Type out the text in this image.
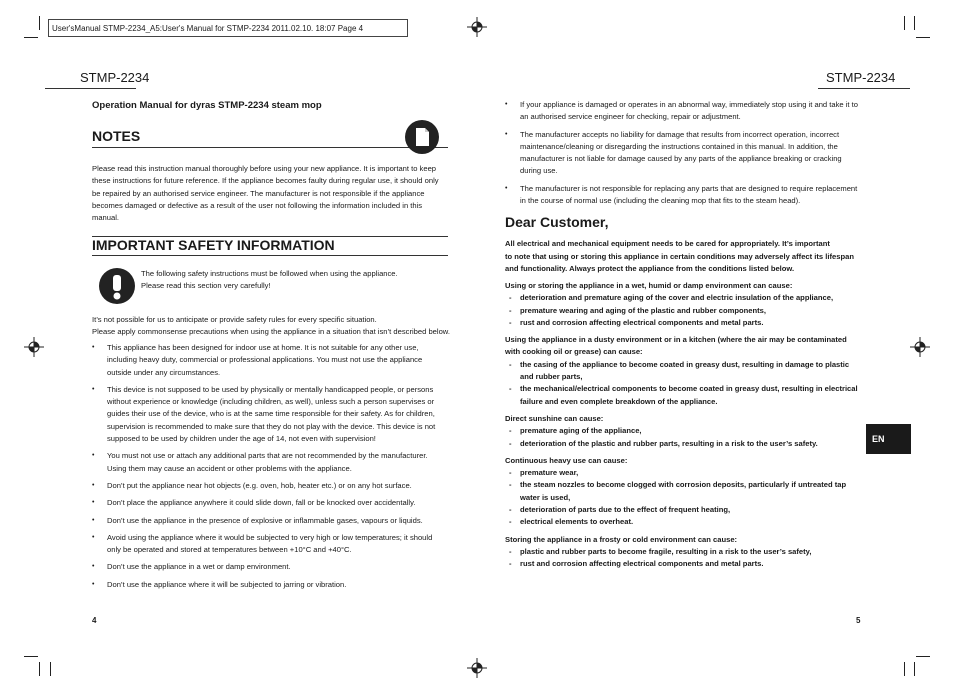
User'sManual STMP-2234_A5:User's Manual for STMP-2234 2011.02.10. 18:07 Page 4
STMP-2234
Operation Manual for dyras STMP-2234 steam mop
NOTES
Please read this instruction manual thoroughly before using your new appliance. It is important to keep these instructions for future reference. If the appliance becomes faulty during regular use, it should only be repaired by an authorised service engineer. The manufacturer is not responsible if the appliance becomes damaged or defective as a result of the user not following the information included in this manual.
IMPORTANT SAFETY INFORMATION
The following safety instructions must be followed when using the appliance.
Please read this section very carefully!
It’s not possible for us to anticipate or provide safety rules for every specific situation.
Please apply commonsense precautions when using the appliance in a situation that isn’t described below.
• This appliance has been designed for indoor use at home. It is not suitable for any other use, including heavy duty, commercial or professional applications. You must not use the appliance outside under any circumstances.
• This device is not supposed to be used by physically or mentally handicapped people, or persons without experience or knowledge (including children, as well), unless such a person supervises or guides their use of the device, who is at the same time responsible for their safety. As for children, supervision is recommended to make sure that they do not play with the device. This device is not supposed to be used by children under the age of 14, not even with supervision!
• You must not use or attach any additional parts that are not recommended by the manufacturer. Using them may cause an accident or other problems with the appliance.
• Don’t put the appliance near hot objects (e.g. oven, hob, heater etc.) or on any hot surface.
• Don’t place the appliance anywhere it could slide down, fall or be knocked over accidentally.
• Don’t use the appliance in the presence of explosive or inflammable gases, vapours or liquids.
• Avoid using the appliance where it would be subjected to very high or low temperatures; it should only be operated and stored at temperatures between +10°C and +40°C.
• Don’t use the appliance in a wet or damp environment.
• Don’t use the appliance where it will be subjected to jarring or vibration.
4
STMP-2234
• If your appliance is damaged or operates in an abnormal way, immediately stop using it and take it to an authorised service engineer for checking, repair or adjustment.
• The manufacturer accepts no liability for damage that results from incorrect operation, incorrect maintenance/cleaning or disregarding the instructions contained in this manual. In addition, the manufacturer is not liable for damage caused by any parts of the appliance breaking or cracking during use.
• The manufacturer is not responsible for replacing any parts that are designed to require replacement in the course of normal use (including the cleaning mop that fits to the steam head).
Dear Customer,
All electrical and mechanical equipment needs to be cared for appropriately. It’s important
to note that using or storing this appliance in certain conditions may adversely affect its lifespan
and functionality. Always protect the appliance from the conditions listed below.
Using or storing the appliance in a wet, humid or damp environment can cause:
- deterioration and premature aging of the cover and electric insulation of the appliance,
- premature wearing and aging of the plastic and rubber components,
- rust and corrosion affecting electrical components and metal parts.
Using the appliance in a dusty environment or in a kitchen (where the air may be contaminated with cooking oil or grease) can cause:
- the casing of the appliance to become coated in greasy dust, resulting in damage to plastic and rubber parts,
- the mechanical/electrical components to become coated in greasy dust, resulting in electrical failure and even complete breakdown of the appliance.
Direct sunshine can cause:
- premature aging of the appliance,
- deterioration of the plastic and rubber parts, resulting in a risk to the user’s safety.
Continuous heavy use can cause:
- premature wear,
- the steam nozzles to become clogged with corrosion deposits, particularly if untreated tap water is used,
- deterioration of parts due to the effect of frequent heating,
- electrical elements to overheat.
Storing the appliance in a frosty or cold environment can cause:
- plastic and rubber parts to become fragile, resulting in a risk to the user’s safety,
- rust and corrosion affecting electrical components and metal parts.
EN
5
